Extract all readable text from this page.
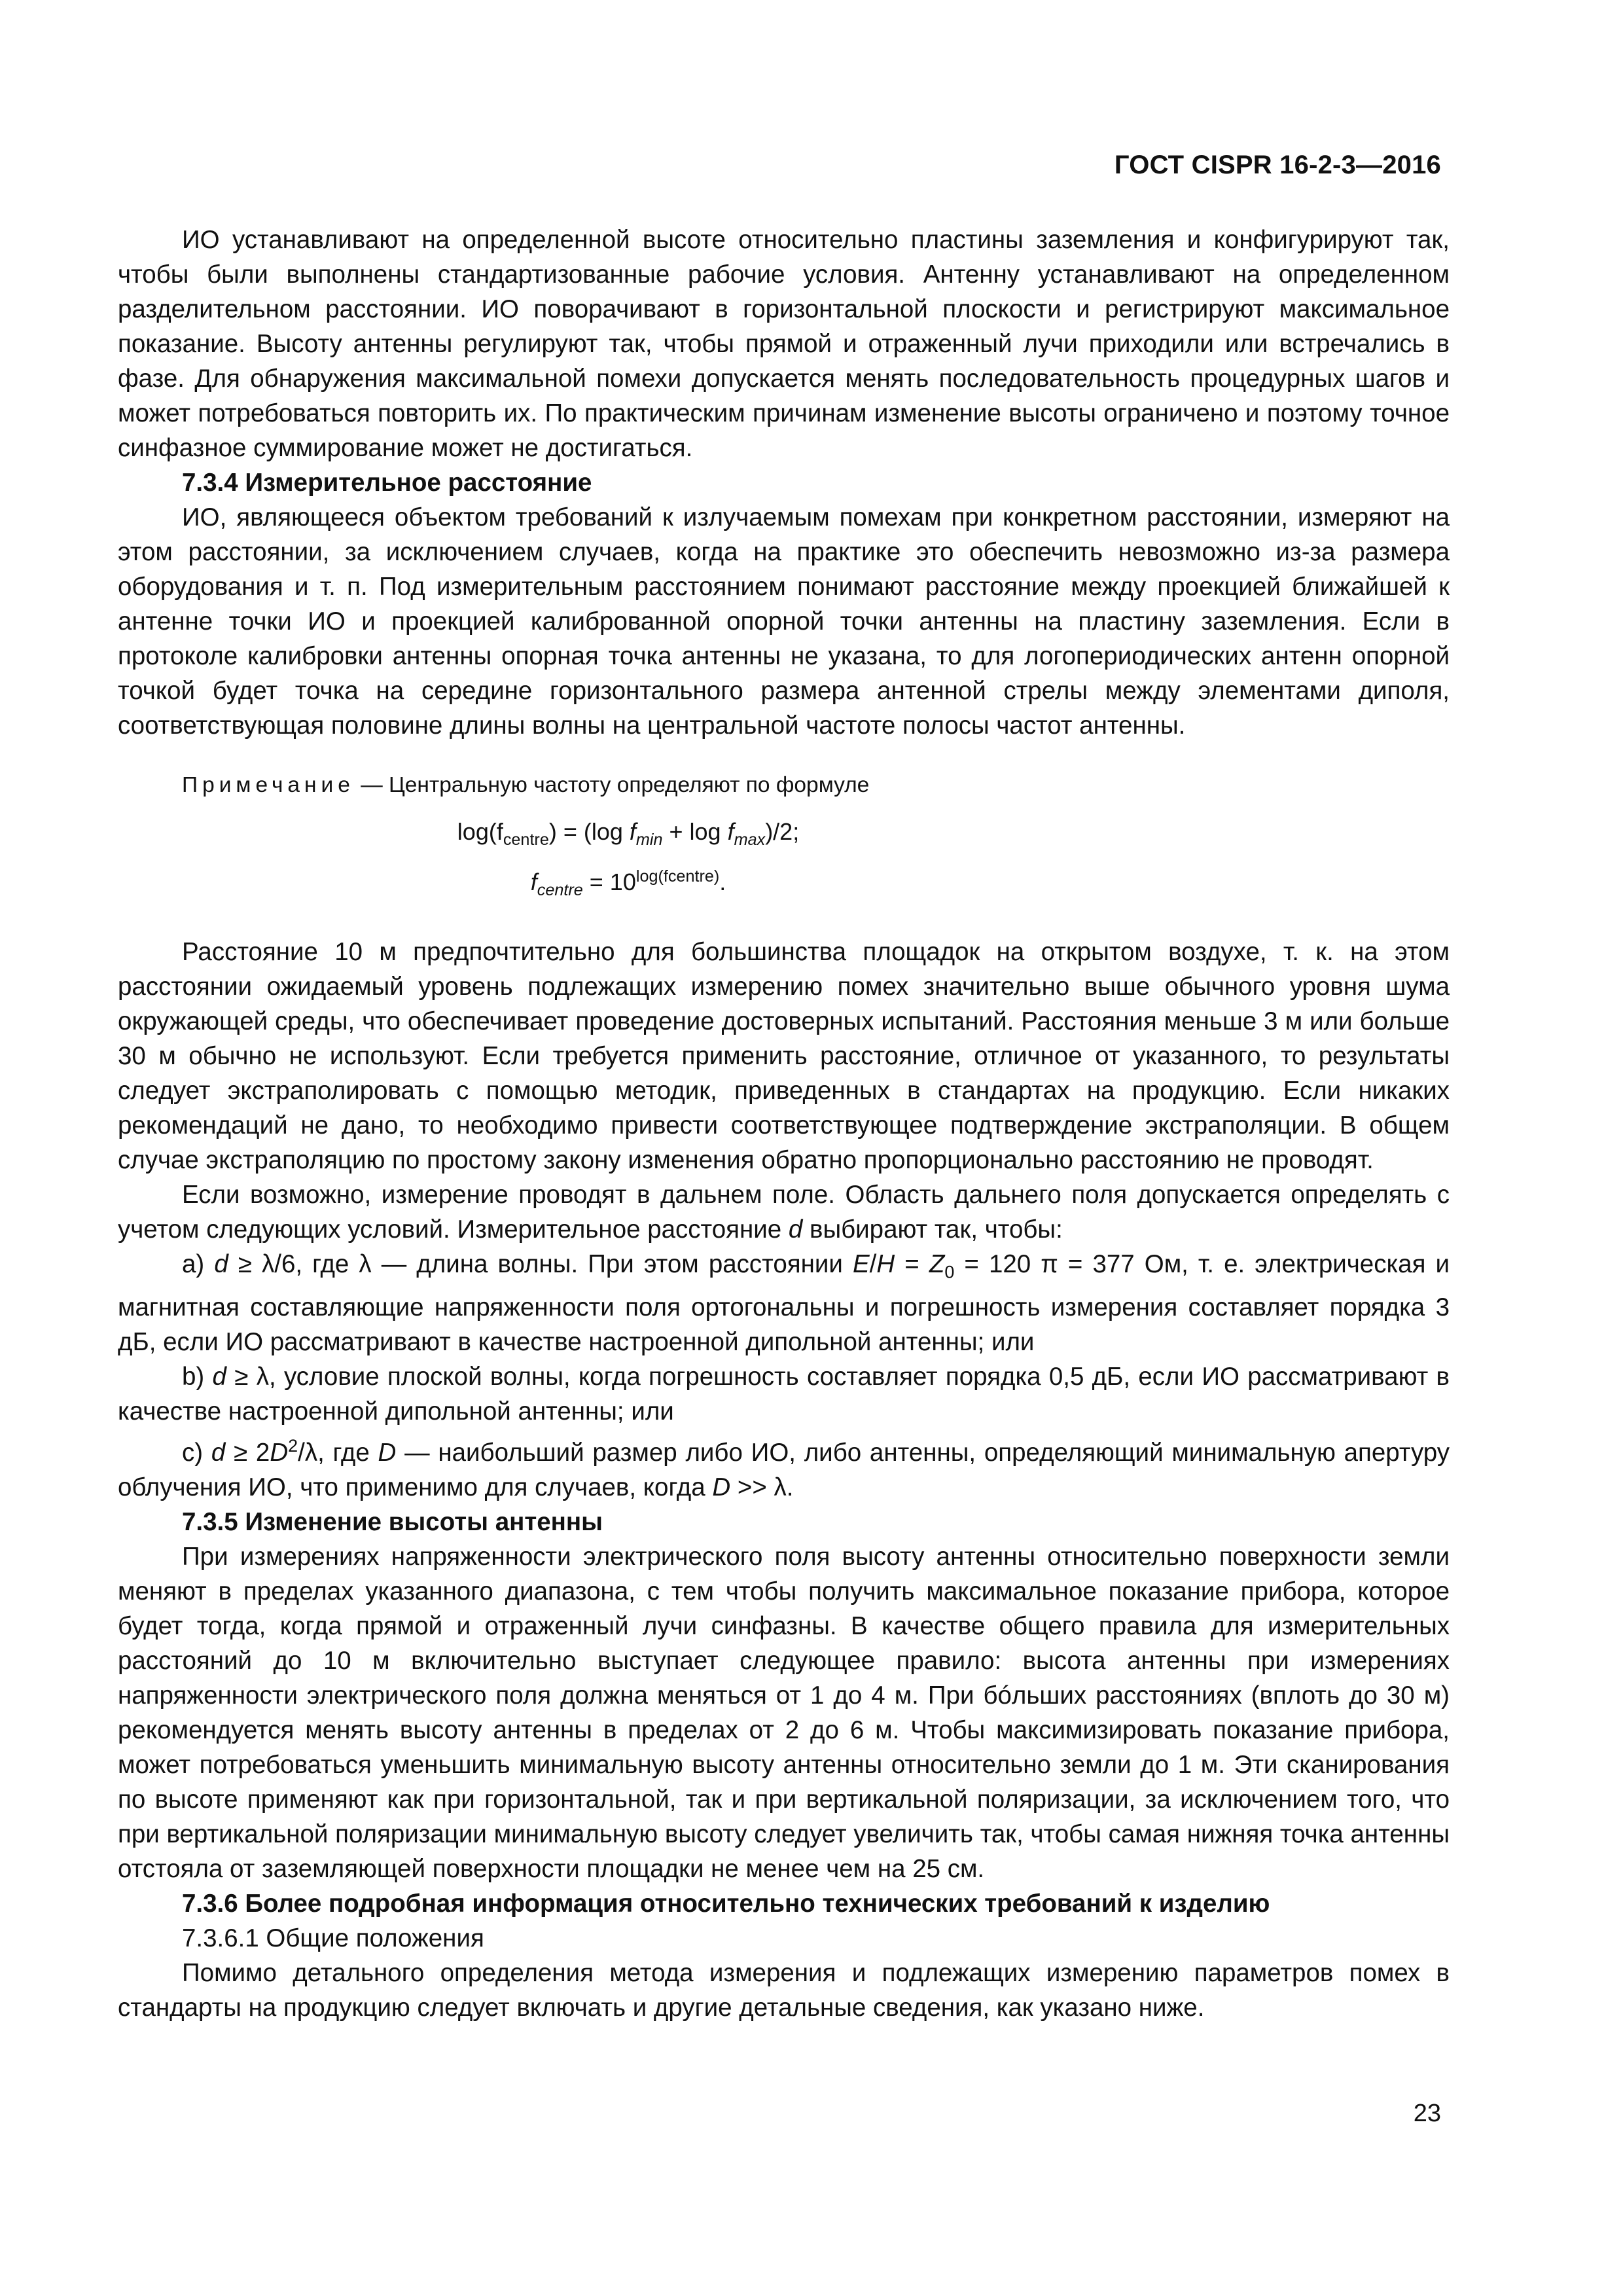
ГОСТ CISPR 16-2-3—2016

ИО устанавливают на определенной высоте относительно пластины заземления и конфигурируют так, чтобы были выполнены стандартизованные рабочие условия. Антенну устанавливают на определенном разделительном расстоянии. ИО поворачивают в горизонтальной плоскости и регистрируют максимальное показание. Высоту антенны регулируют так, чтобы прямой и отраженный лучи приходили или встречались в фазе. Для обнаружения максимальной помехи допускается менять последовательность процедурных шагов и может потребоваться повторить их. По практическим причинам изменение высоты ограничено и поэтому точное синфазное суммирование может не достигаться.

7.3.4 Измерительное расстояние

ИО, являющееся объектом требований к излучаемым помехам при конкретном расстоянии, измеряют на этом расстоянии, за исключением случаев, когда на практике это обеспечить невозможно из-за размера оборудования и т. п. Под измерительным расстоянием понимают расстояние между проекцией ближайшей к антенне точки ИО и проекцией калиброванной опорной точки антенны на пластину заземления. Если в протоколе калибровки антенны опорная точка антенны не указана, то для логопериодических антенн опорной точкой будет точка на середине горизонтального размера антенной стрелы между элементами диполя, соответствующая половине длины волны на центральной частоте полосы частот антенны.

Примечание — Центральную частоту определяют по формуле
$\log(f_{centre}) = (\log$ $f_{min} + \log f_{max})/2$;
$f_{centre} = 10^{log(fcentre)}$.

Расстояние 10 м предпочтительно для большинства площадок на открытом воздухе, т. к. на этом расстоянии ожидаемый уровень подлежащих измерению помех значительно выше обычного уровня шума окружающей среды, что обеспечивает проведение достоверных испытаний. Расстояния меньше 3 м или больше 30 м обычно не используют. Если требуется применить расстояние, отличное от указанного, то результаты следует экстраполировать с помощью методик, приведенных в стандартах на продукцию. Если никаких рекомендаций не дано, то необходимо привести соответствующее подтверждение экстраполяции. В общем случае экстраполяцию по простому закону изменения обратно пропорционально расстоянию не проводят.

Если возможно, измерение проводят в дальнем поле. Область дальнего поля допускается определять с учетом следующих условий. Измерительное расстояние d выбирают так, чтобы:

a) d ≥ λ/6, где λ — длина волны. При этом расстоянии $E/H = Z_0 = 120$ π = 377 Ом, т. е. электрическая и магнитная составляющие напряженности поля ортогональны и погрешность измерения составляет порядка 3 дБ, если ИО рассматривают в качестве настроенной дипольной антенны; или

b) d ≥ λ, условие плоской волны, когда погрешность составляет порядка 0,5 дБ, если ИО рассматривают в качестве настроенной дипольной антенны; или

c) $d \ge 2D^2/\lambda$, где D — наибольший размер либо ИО, либо антенны, определяющий минимальную апертуру облучения ИО, что применимо для случаев, когда D >> λ.

7.3.5 Изменение высоты антенны

При измерениях напряженности электрического поля высоту антенны относительно поверхности земли меняют в пределах указанного диапазона, с тем чтобы получить максимальное показание прибора, которое будет тогда, когда прямой и отраженный лучи синфазны. В качестве общего правила для измерительных расстояний до 10 м включительно выступает следующее правило: высота антенны при измерениях напряженности электрического поля должна меняться от 1 до 4 м. При бóльших расстояниях (вплоть до 30 м) рекомендуется менять высоту антенны в пределах от 2 до 6 м. Чтобы максимизировать показание прибора, может потребоваться уменьшить минимальную высоту антенны относительно земли до 1 м. Эти сканирования по высоте применяют как при горизонтальной, так и при вертикальной поляризации, за исключением того, что при вертикальной поляризации минимальную высоту следует увеличить так, чтобы самая нижняя точка антенны отстояла от заземляющей поверхности площадки не менее чем на 25 см.

7.3.6 Более подробная информация относительно технических требований к изделию
7.3.6.1 Общие положения

Помимо детального определения метода измерения и подлежащих измерению параметров помех в стандарты на продукцию следует включать и другие детальные сведения, как указано ниже.

23
